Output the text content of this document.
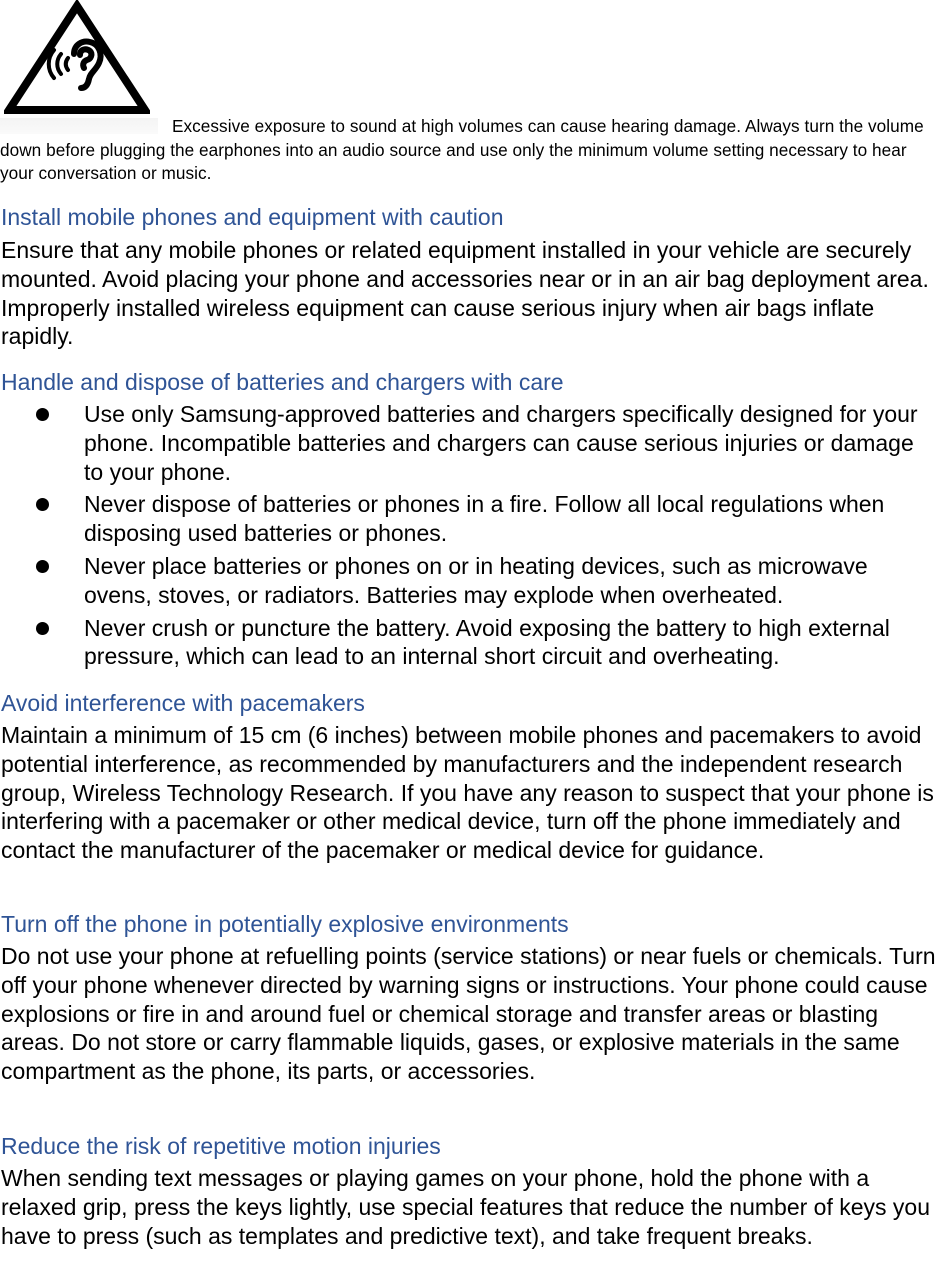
Excessive exposure to sound at high volumes can cause hearing damage. Always turn the volume down before plugging the earphones into an audio source and use only the minimum volume setting necessary to hear your conversation or music.

Install mobile phones and equipment with caution

Ensure that any mobile phones or related equipment installed in your vehicle are securely mounted. Avoid placing your phone and accessories near or in an air bag deployment area. Improperly installed wireless equipment can cause serious injury when air bags inflate rapidly.

Handle and dispose of batteries and chargers with care
Use only Samsung-approved batteries and chargers specifically designed for your phone. Incompatible batteries and chargers can cause serious injuries or damage to your phone.
Never dispose of batteries or phones in a fire. Follow all local regulations when disposing used batteries or phones.
Never place batteries or phones on or in heating devices, such as microwave ovens, stoves, or radiators. Batteries may explode when overheated.
Never crush or puncture the battery. Avoid exposing the battery to high external pressure, which can lead to an internal short circuit and overheating.
Avoid interference with pacemakers

Maintain a minimum of 15 cm (6 inches) between mobile phones and pacemakers to avoid potential interference, as recommended by manufacturers and the independent research group, Wireless Technology Research. If you have any reason to suspect that your phone is interfering with a pacemaker or other medical device, turn off the phone immediately and contact the manufacturer of the pacemaker or medical device for guidance.

Turn off the phone in potentially explosive environments

Do not use your phone at refuelling points (service stations) or near fuels or chemicals. Turn off your phone whenever directed by warning signs or instructions. Your phone could cause explosions or fire in and around fuel or chemical storage and transfer areas or blasting areas. Do not store or carry flammable liquids, gases, or explosive materials in the same compartment as the phone, its parts, or accessories.

Reduce the risk of repetitive motion injuries

When sending text messages or playing games on your phone, hold the phone with a relaxed grip, press the keys lightly, use special features that reduce the number of keys you have to press (such as templates and predictive text), and take frequent breaks.
